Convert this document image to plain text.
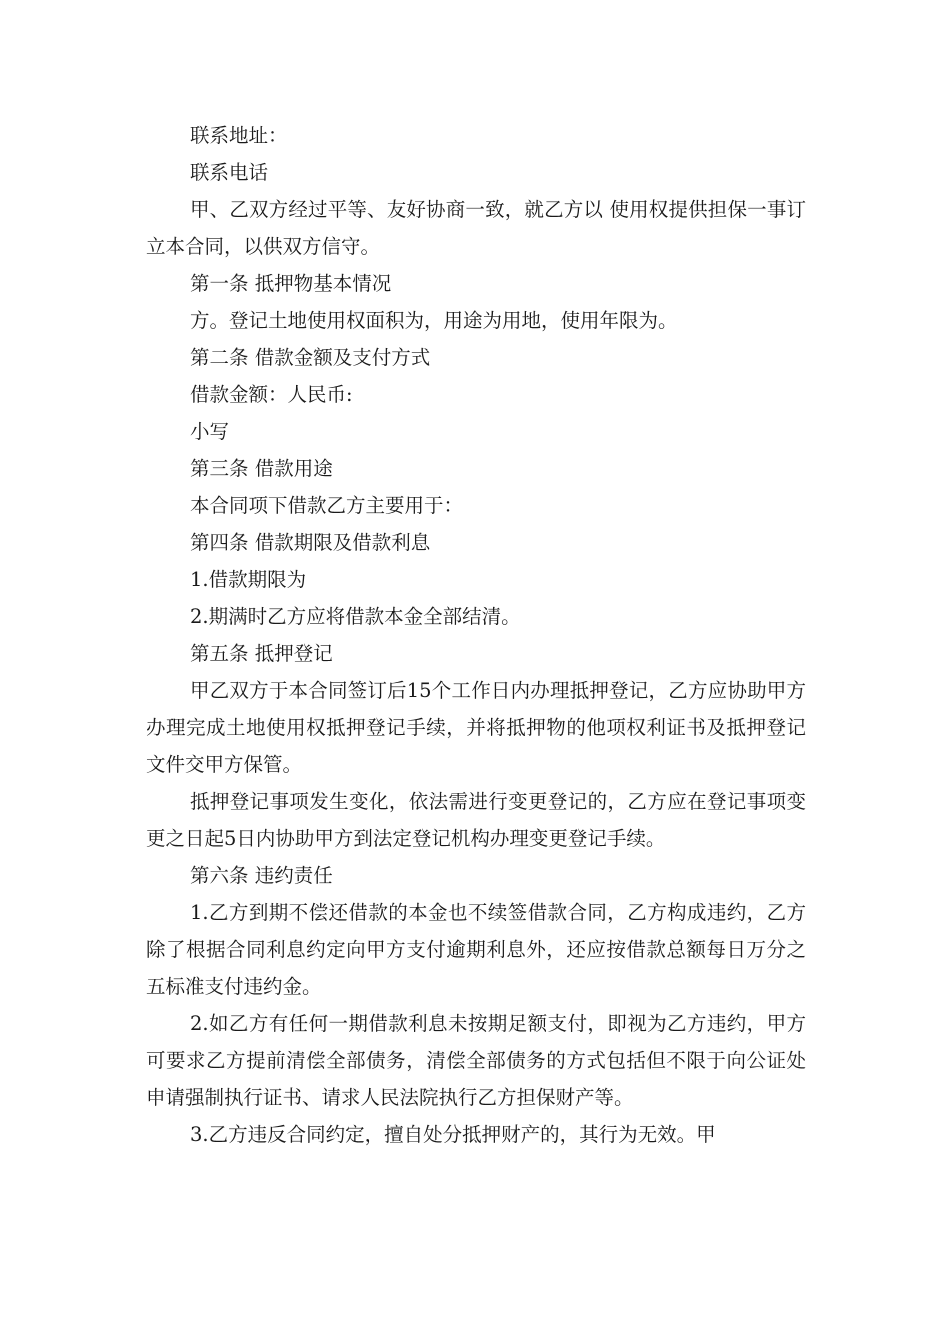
联系地址：

联系电话

甲、乙双方经过平等、友好协商一致，就乙方以 使用权提供担保一事订立本合同，以供双方信守。

第一条 抵押物基本情况

方。登记土地使用权面积为，用途为用地，使用年限为。

第二条 借款金额及支付方式

借款金额：人民币:

小写

第三条 借款用途

本合同项下借款乙方主要用于：

第四条 借款期限及借款利息

1.借款期限为

2.期满时乙方应将借款本金全部结清。

第五条 抵押登记

甲乙双方于本合同签订后15个工作日内办理抵押登记，乙方应协助甲方办理完成土地使用权抵押登记手续，并将抵押物的他项权利证书及抵押登记文件交甲方保管。

抵押登记事项发生变化，依法需进行变更登记的，乙方应在登记事项变更之日起5日内协助甲方到法定登记机构办理变更登记手续。

第六条 违约责任

1.乙方到期不偿还借款的本金也不续签借款合同，乙方构成违约，乙方除了根据合同利息约定向甲方支付逾期利息外，还应按借款总额每日万分之五标准支付违约金。

2.如乙方有任何一期借款利息未按期足额支付，即视为乙方违约，甲方可要求乙方提前清偿全部债务，清偿全部债务的方式包括但不限于向公证处申请强制执行证书、请求人民法院执行乙方担保财产等。

3.乙方违反合同约定，擅自处分抵押财产的，其行为无效。甲
